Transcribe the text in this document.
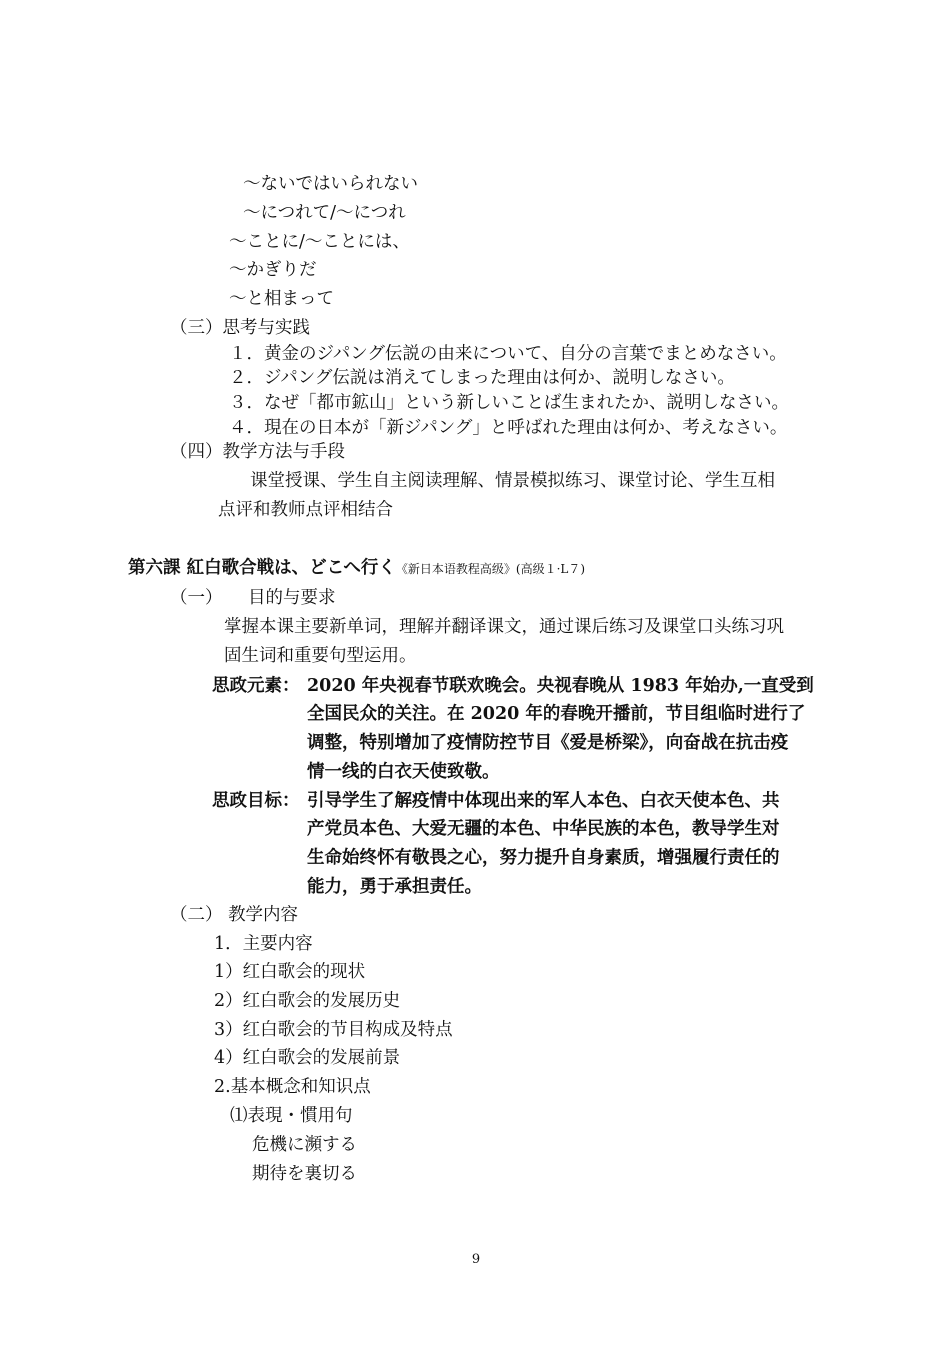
～ないではいられない
～につれて/～につれ
～ことに/～ことには、
～かぎりだ
～と相まって
（三）思考与实践
１．黄金のジパング伝説の由来について、自分の言葉でまとめなさい。
２．ジパング伝説は消えてしまった理由は何か、説明しなさい。
３．なぜ「都市鉱山」という新しいことば生まれたか、説明しなさい。
４．現在の日本が「新ジパング」と呼ばれた理由は何か、考えなさい。
（四）教学方法与手段
课堂授课、学生自主阅读理解、情景模拟练习、课堂讨论、学生互相
点评和教师点评相结合
第六課 紅白歌合戦は、どこへ行く《新日本语教程高级》(高级１·L７)
（一） 目的与要求
掌握本课主要新单词，理解并翻译课文，通过课后练习及课堂口头练习巩
固生词和重要句型运用。
思政元素： 2020 年央视春节联欢晚会。央视春晚从 1983 年始办,一直受到
全国民众的关注。在 2020 年的春晚开播前，节目组临时进行了
调整，特别增加了疫情防控节目《爱是桥梁》，向奋战在抗击疫
情一线的白衣天使致敬。
思政目标： 引导学生了解疫情中体现出来的军人本色、白衣天使本色、共
产党员本色、大爱无疆的本色、中华民族的本色，教导学生对
生命始终怀有敬畏之心，努力提升自身素质，增强履行责任的
能力，勇于承担责任。
（二） 教学内容
1．主要内容
1）红白歌会的现状
2）红白歌会的发展历史
3）红白歌会的节目构成及特点
4）红白歌会的发展前景
2.基本概念和知识点
⑴表現・慣用句
危機に瀕する
期待を裏切る
9
